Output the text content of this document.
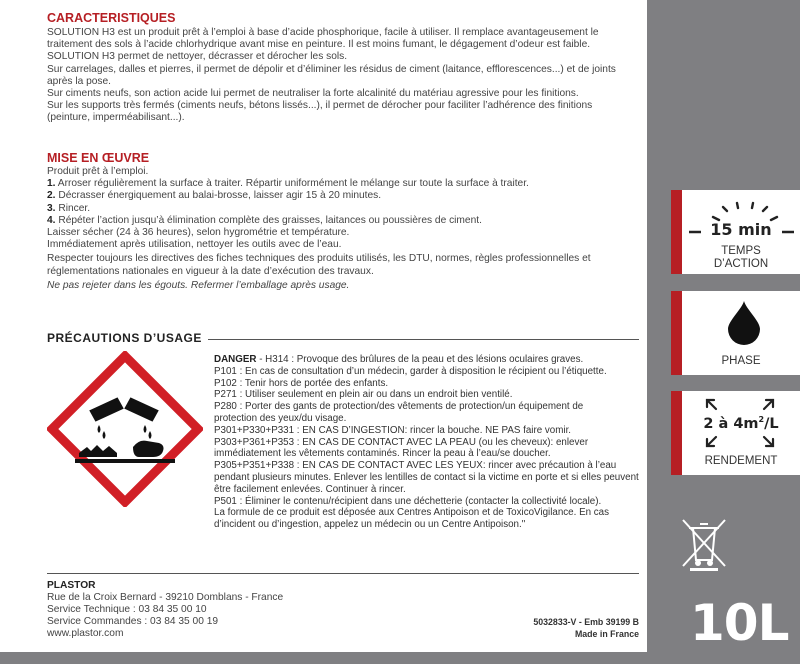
15 min
TEMPS
D’ACTION
PHASE
2 à $4m^2/L$
RENDEMENT
10L
CARACTERISTIQUES

SOLUTION H3 est un produit prêt à l’emploi à base d’acide phosphorique, facile à utiliser. Il remplace avantageusement le

traitement des sols à l’acide chlorhydrique avant mise en peinture. Il est moins fumant, le dégagement d’odeur est faible.

SOLUTION H3 permet de nettoyer, décrasser et dérocher les sols.

Sur carrelages, dalles et pierres, il permet de dépolir et d’éliminer les résidus de ciment (laitance, efflorescences...) et de joints

après la pose.

Sur ciments neufs, son action acide lui permet de neutraliser la forte alcalinité du matériau agressive pour les finitions.

Sur les supports très fermés (ciments neufs, bétons lissés...), il permet de dérocher pour faciliter l’adhérence des finitions

(peinture, imperméabilisant...).

MISE EN ŒUVRE

Produit prêt à l’emploi.

1. Arroser régulièrement la surface à traiter. Répartir uniformément le mélange sur toute la surface à traiter.

2. Décrasser énergiquement au balai-brosse, laisser agir 15 à 20 minutes.

3. Rincer.

4. Répéter l’action jusqu’à élimination complète des graisses, laitances ou poussières de ciment.

Laisser sécher (24 à 36 heures), selon hygrométrie et température.

Immédiatement après utilisation, nettoyer les outils avec de l’eau.

Respecter toujours les directives des fiches techniques des produits utilisés, les DTU, normes, règles professionnelles et

réglementations nationales en vigueur à la date d’exécution des travaux.

Ne pas rejeter dans les égouts. Refermer l’emballage après usage.

PRÉCAUTIONS D’USAGE

DANGER - H314 : Provoque des brûlures de la peau et des lésions oculaires graves.

P101 : En cas de consultation d’un médecin, garder à disposition le récipient ou l’étiquette.

P102 : Tenir hors de portée des enfants.

P271 : Utiliser seulement en plein air ou dans un endroit bien ventilé.

P280 : Porter des gants de protection/des vêtements de protection/un équipement de

protection des yeux/du visage.

P301+P330+P331 : EN CAS D’INGESTION: rincer la bouche. NE PAS faire vomir.

P303+P361+P353 : EN CAS DE CONTACT AVEC LA PEAU (ou les cheveux): enlever

immédiatement les vêtements contaminés. Rincer la peau à l’eau/se doucher.

P305+P351+P338 : EN CAS DE CONTACT AVEC LES YEUX: rincer avec précaution à l’eau

pendant plusieurs minutes. Enlever les lentilles de contact si la victime en porte et si elles peuvent

être facilement enlevées. Continuer à rincer.

P501 : Éliminer le contenu/récipient dans une déchetterie (contacter la collectivité locale).

La formule de ce produit est déposée aux Centres Antipoison et de ToxicoVigilance. En cas

d’incident ou d’ingestion, appelez un médecin ou un Centre Antipoison."

PLASTOR
Rue de la Croix Bernard - 39210 Domblans - France
Service Technique : 03 84 35 00 10
Service Commandes : 03 84 35 00 19
www.plastor.com
5032833-V - Emb 39199 B
Made in France
